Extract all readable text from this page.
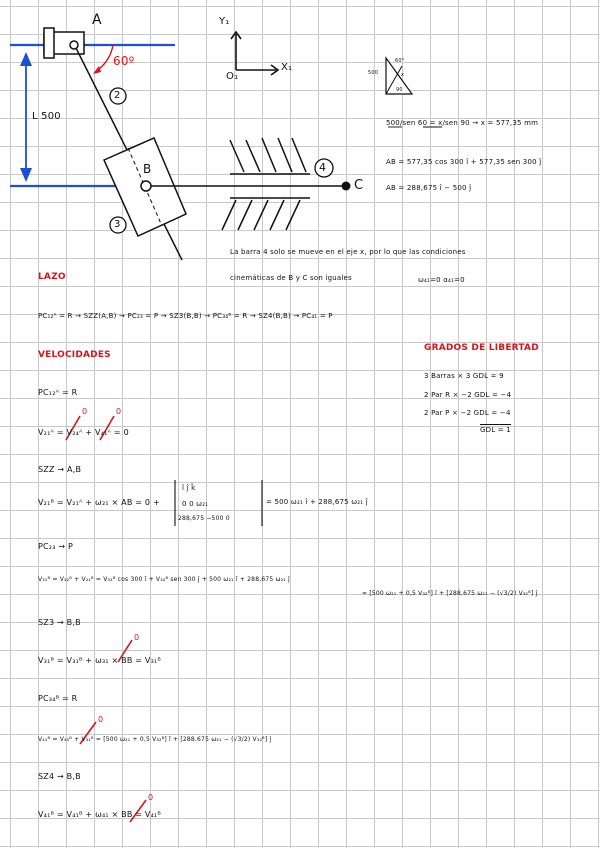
0	0
0
0
0
A
B
C
60º
L 500
Y₁
X₁
O₁
2
3
4
500
60°
x
90
500/sen 60 = x/sen 90 → x = 577,35 mm
AB = 577,35 cos 300 î + 577,35 sen 300 ĵ
AB = 288,675 î − 500 ĵ
La barra 4 solo se mueve en el eje x, por lo que las condiciones
cinemáticas de B y C son iguales	ω₄₁=0 α₄₁=0
LAZO
PC₁₂ᴬ = R → SZZ(A,B) → PC₂₃ = P → SZ3(B,B) → PC₃₄ᴮ = R → SZ4(B,B) → PC₄₁ = P
GRADOS DE LIBERTAD
3 Barras × 3 GDL = 9
2 Par R × −2 GDL = −4
2 Par P × −2 GDL = −4
GDL = 1
VELOCIDADES
PC₁₂ᴬ = R
V₂₁ᴬ = V₂₄ᴬ + V₄₁ᴬ = 0
SZZ → A,B
V₂₁ᴮ = V₂₁ᴬ + ω₂₁ × AB = 0 +
î ĵ k̂
0 0 ω₂₁
288,675 −500 0
= 500 ω₂₁ î + 288,675 ω₂₁ ĵ
PC₂₃ → P
V₃₁ᴮ = V₃₂ᴮ + V₂₁ᴮ = V₃₂ᴮ cos 300 î + V₃₂ᴮ sen 300 ĵ + 500 ω₂₁ î + 288,675 ω₂₁ ĵ
= [500 ω₂₁ + 0,5 V₃₂ᴮ] î + [288,675 ω₂₁ − (√3/2) V₃₂ᴮ] ĵ
SZ3 → B,B
V₃₁ᴮ = V₃₁ᴮ + ω₃₁ × BB = V₃₁ᴮ
PC₃₄ᴮ = R
V₄₁ᴮ = V₄₃ᴮ + V₃₁ᴮ = [500 ω₂₁ + 0,5 V₃₂ᴮ] î + [288,675 ω₂₁ − (√3/2) V₃₂ᴮ] ĵ
SZ4 → B,B
V₄₁ᴮ = V₄₁ᴮ + ω₄₁ × BB = V₄₁ᴮ
